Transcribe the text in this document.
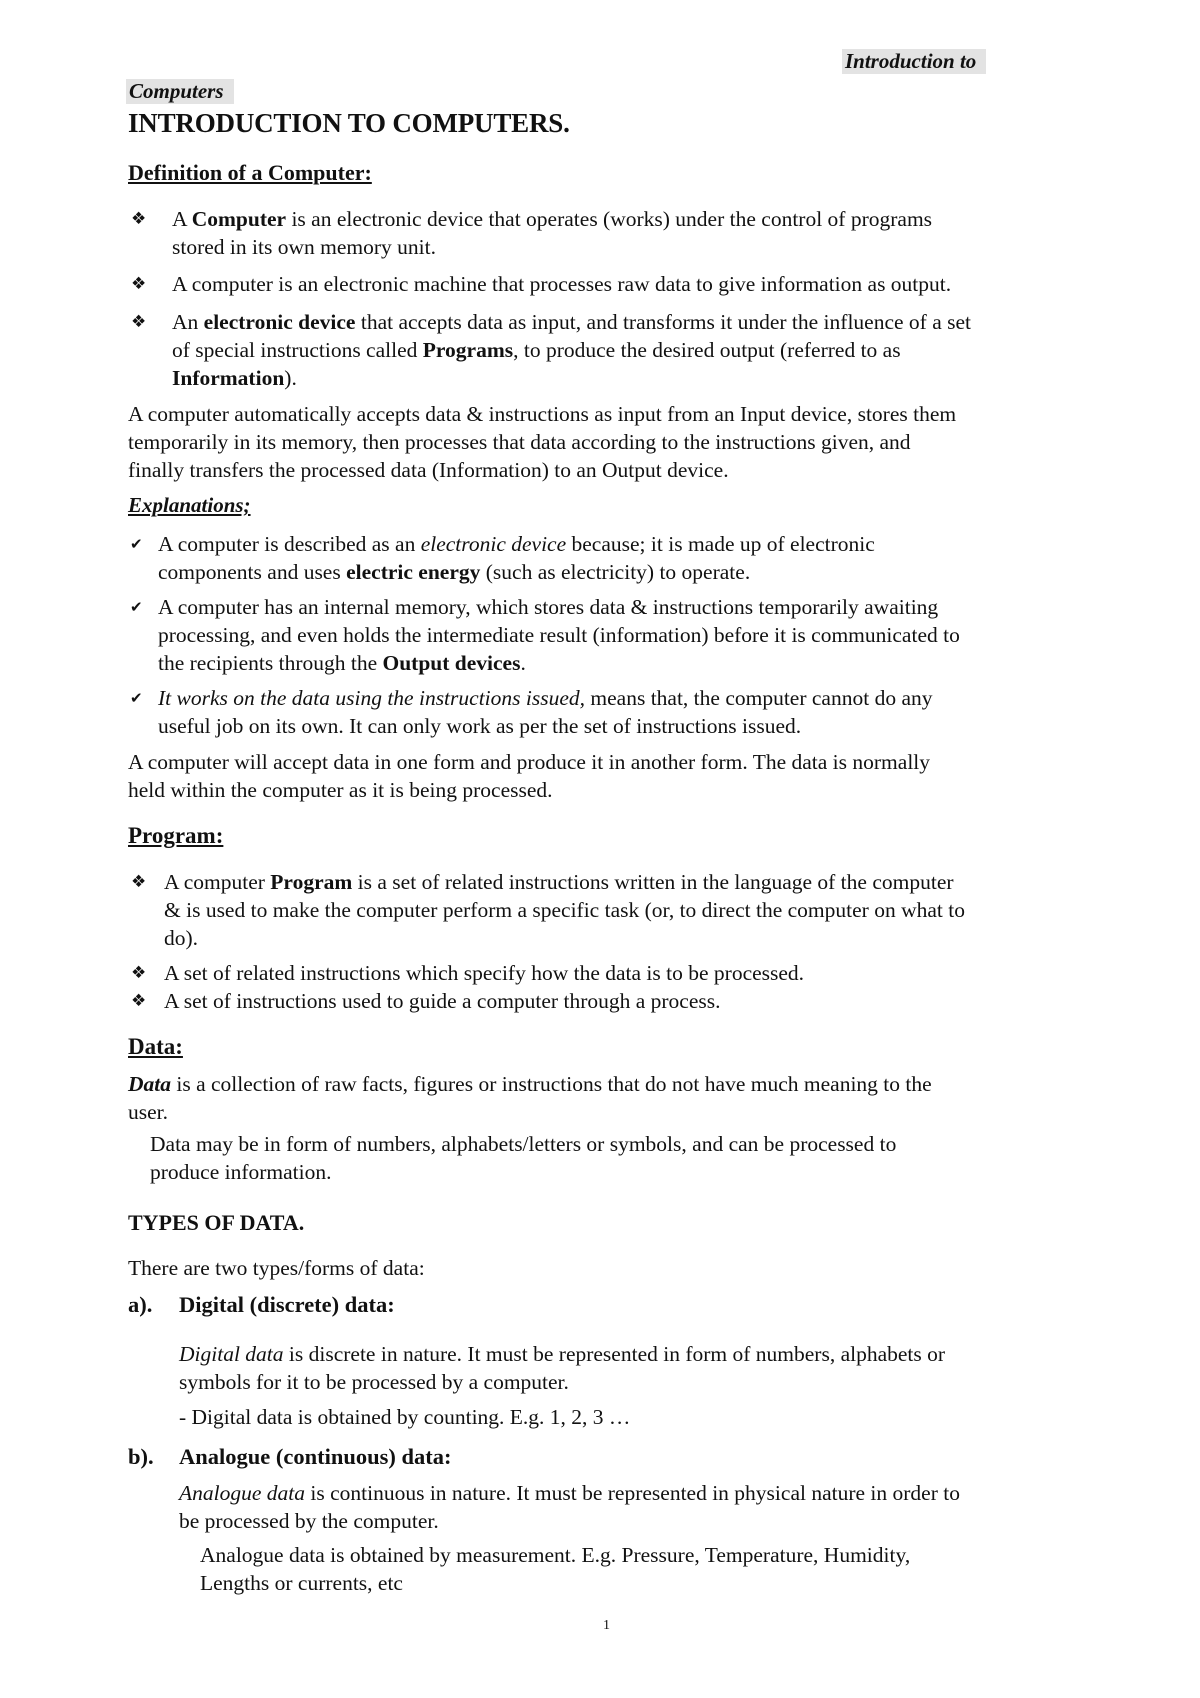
Introduction to
Computers
INTRODUCTION TO COMPUTERS.
Definition of a Computer:
❖ A Computer is an electronic device that operates (works) under the control of programs
stored in its own memory unit.
❖ A computer is an electronic machine that processes raw data to give information as output.
❖ An electronic device that accepts data as input, and transforms it under the influence of a set
of special instructions called Programs, to produce the desired output (referred to as
Information).
A computer automatically accepts data & instructions as input from an Input device, stores them
temporarily in its memory, then processes that data according to the instructions given, and
finally transfers the processed data (Information) to an Output device.
Explanations;
✔ A computer is described as an electronic device because; it is made up of electronic
components and uses electric energy (such as electricity) to operate.
✔ A computer has an internal memory, which stores data & instructions temporarily awaiting
processing, and even holds the intermediate result (information) before it is communicated to
the recipients through the Output devices.
✔ It works on the data using the instructions issued, means that, the computer cannot do any
useful job on its own. It can only work as per the set of instructions issued.
A computer will accept data in one form and produce it in another form. The data is normally
held within the computer as it is being processed.
Program:
❖ A computer Program is a set of related instructions written in the language of the computer
& is used to make the computer perform a specific task (or, to direct the computer on what to
do).
❖ A set of related instructions which specify how the data is to be processed.
❖ A set of instructions used to guide a computer through a process.
Data:
Data is a collection of raw facts, figures or instructions that do not have much meaning to the
user.
Data may be in form of numbers, alphabets/letters or symbols, and can be processed to
produce information.
TYPES OF DATA.
There are two types/forms of data:
a). Digital (discrete) data:
Digital data is discrete in nature. It must be represented in form of numbers, alphabets or
symbols for it to be processed by a computer.
- Digital data is obtained by counting. E.g. 1, 2, 3 …
b). Analogue (continuous) data:
Analogue data is continuous in nature. It must be represented in physical nature in order to
be processed by the computer.
Analogue data is obtained by measurement. E.g. Pressure, Temperature, Humidity,
Lengths or currents, etc
1
